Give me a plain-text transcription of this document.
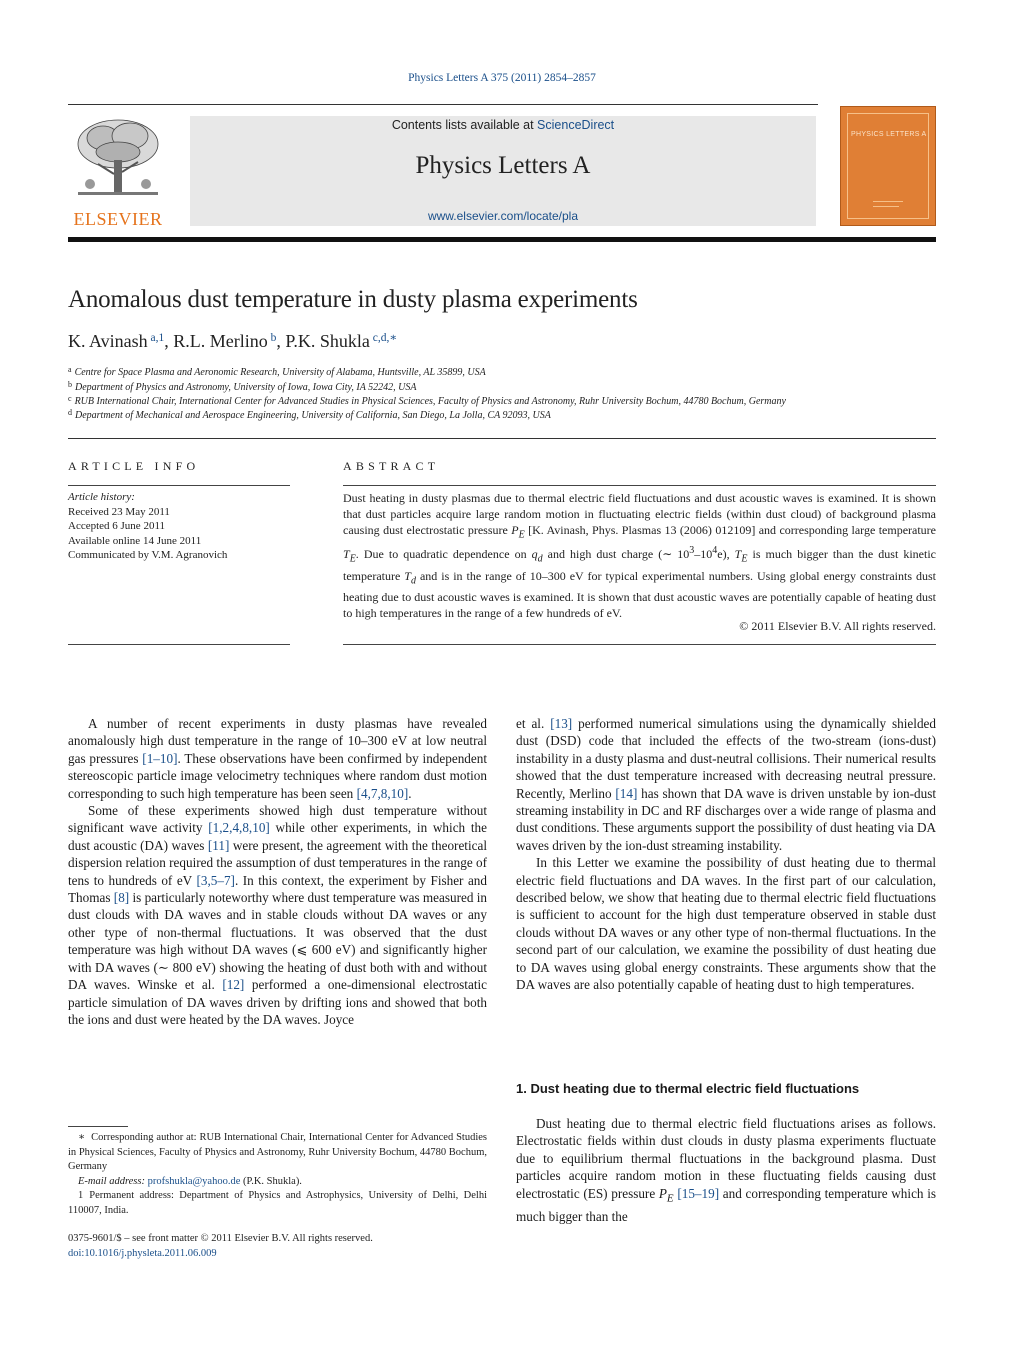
Physics Letters A 375 (2011) 2854–2857
ELSEVIER
Contents lists available at ScienceDirect
Physics Letters A
www.elsevier.com/locate/pla
PHYSICS LETTERS A
Anomalous dust temperature in dusty plasma experiments
K. Avinash $^{a,1}$, R.L. Merlino $^b$, P.K. Shukla $^{c,d,∗}$
$^a$ Centre for Space Plasma and Aeronomic Research, University of Alabama, Huntsville, AL 35899, USA
$^b$ Department of Physics and Astronomy, University of Iowa, Iowa City, IA 52242, USA
$^c$ RUB International Chair, International Center for Advanced Studies in Physical Sciences, Faculty of Physics and Astronomy, Ruhr University Bochum, 44780 Bochum, Germany
$^d$ Department of Mechanical and Aerospace Engineering, University of California, San Diego, La Jolla, CA 92093, USA
ARTICLE INFO	ABSTRACT
Article history:
Received 23 May 2011
Accepted 6 June 2011
Available online 14 June 2011
Communicated by V.M. Agranovich
Dust heating in dusty plasmas due to thermal electric field fluctuations and dust acoustic waves is examined. It is shown that dust particles acquire large random motion in fluctuating electric fields (within dust cloud) of background plasma causing dust electrostatic pressure $P_E$ [K. Avinash, Phys. Plasmas 13 (2006) 012109] and corresponding large temperature $T_E$. Due to quadratic dependence on $q_d$ and high dust charge (∼ $10^3-10^4e$), $T_E$ is much bigger than the dust kinetic temperature $T_d$ and is in the range of 10–300 eV for typical experimental numbers. Using global energy constraints dust heating due to dust acoustic waves is examined. It is shown that dust acoustic waves are potentially capable of heating dust to high temperatures in the range of a few hundreds of eV.
© 2011 Elsevier B.V. All rights reserved.

A number of recent experiments in dusty plasmas have revealed anomalously high dust temperature in the range of 10–300 eV at low neutral gas pressures [1–10]. These observations have been confirmed by independent stereoscopic particle image velocimetry techniques where random dust motion corresponding to such high temperature has been seen [4,7,8,10].

Some of these experiments showed high dust temperature without significant wave activity [1,2,4,8,10] while other experiments, in which the dust acoustic (DA) waves [11] were present, the agreement with the theoretical dispersion relation required the assumption of dust temperatures in the range of tens to hundreds of eV [3,5–7]. In this context, the experiment by Fisher and Thomas [8] is particularly noteworthy where dust temperature was measured in dust clouds with DA waves and in stable clouds without DA waves or any other type of non-thermal fluctuations. It was observed that the dust temperature was high without DA waves (⩽ 600 eV) and significantly higher with DA waves (∼ 800 eV) showing the heating of dust both with and without DA waves. Winske et al. [12] performed a one-dimensional electrostatic particle simulation of DA waves driven by drifting ions and showed that both the ions and dust were heated by the DA waves. Joyce

et al. [13] performed numerical simulations using the dynamically shielded dust (DSD) code that included the effects of the two-stream (ions-dust) instability in a dusty plasma and dust-neutral collisions. Their numerical results showed that the dust temperature increased with decreasing neutral pressure. Recently, Merlino [14] has shown that DA wave is driven unstable by ion-dust streaming instability in DC and RF discharges over a wide range of plasma and dust conditions. These arguments support the possibility of dust heating via DA waves driven by the ion-dust streaming instability.

In this Letter we examine the possibility of dust heating due to thermal electric field fluctuations and DA waves. In the first part of our calculation, described below, we show that heating due to thermal electric field fluctuations is sufficient to account for the high dust temperature observed in stable dust clouds without DA waves or any other type of non-thermal fluctuations. In the second part of our calculation, we examine the possibility of dust heating due to DA waves using global energy constraints. These arguments show that the DA waves are also potentially capable of heating dust to high temperatures.

1. Dust heating due to thermal electric field fluctuations

Dust heating due to thermal electric field fluctuations arises as follows. Electrostatic fields within dust clouds in dusty plasma experiments fluctuate due to equilibrium thermal fluctuations in the background plasma. Dust particles acquire random motion in these fluctuating fields causing dust electrostatic (ES) pressure $P_E$ [15–19] and corresponding temperature which is much bigger than the

∗ Corresponding author at: RUB International Chair, International Center for Advanced Studies in Physical Sciences, Faculty of Physics and Astronomy, Ruhr University Bochum, 44780 Bochum, Germany

E-mail address: profshukla@yahoo.de (P.K. Shukla).

1 Permanent address: Department of Physics and Astrophysics, University of Delhi, Delhi 110007, India.

0375-9601/$ – see front matter © 2011 Elsevier B.V. All rights reserved.
doi:10.1016/j.physleta.2011.06.009
